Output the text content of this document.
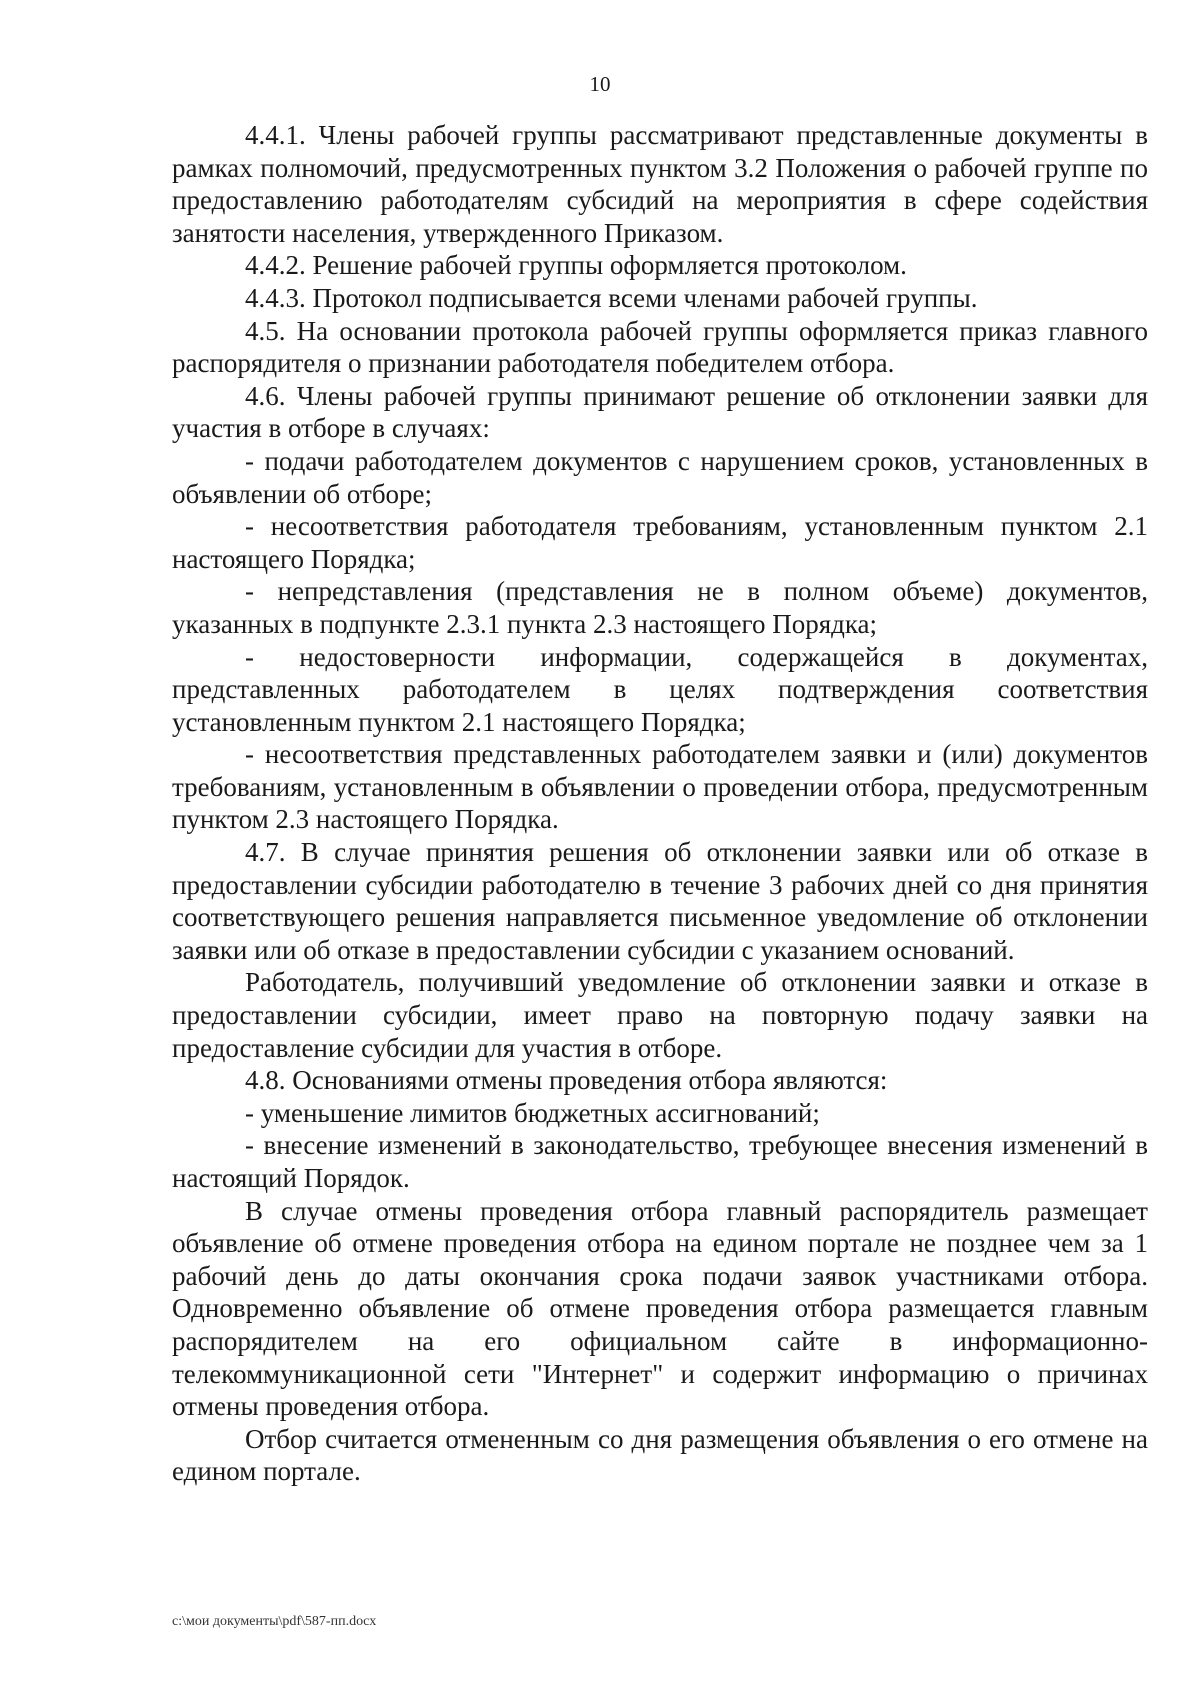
10

4.4.1. Члены рабочей группы рассматривают представленные документы в рамках полномочий, предусмотренных пунктом 3.2 Положения о рабочей группе по предоставлению работодателям субсидий на мероприятия в сфере содействия занятости населения, утвержденного Приказом.

4.4.2. Решение рабочей группы оформляется протоколом.

4.4.3. Протокол подписывается всеми членами рабочей группы.

4.5. На основании протокола рабочей группы оформляется приказ главного распорядителя о признании работодателя победителем отбора.

4.6. Члены рабочей группы принимают решение об отклонении заявки для участия в отборе в случаях:

- подачи работодателем документов с нарушением сроков, установленных в объявлении об отборе;

- несоответствия работодателя требованиям, установленным пунктом 2.1 настоящего Порядка;

- непредставления (представления не в полном объеме) документов, указанных в подпункте 2.3.1 пункта 2.3 настоящего Порядка;

- недостоверности информации, содержащейся в документах, представленных работодателем в целях подтверждения соответствия установленным пунктом 2.1 настоящего Порядка;

- несоответствия представленных работодателем заявки и (или) документов требованиям, установленным в объявлении о проведении отбора, предусмотренным пунктом 2.3 настоящего Порядка.

4.7. В случае принятия решения об отклонении заявки или об отказе в предоставлении субсидии работодателю в течение 3 рабочих дней со дня принятия соответствующего решения направляется письменное уведомление об отклонении заявки или об отказе в предоставлении субсидии с указанием оснований.

Работодатель, получивший уведомление об отклонении заявки и отказе в предоставлении субсидии, имеет право на повторную подачу заявки на предоставление субсидии для участия в отборе.

4.8. Основаниями отмены проведения отбора являются:

- уменьшение лимитов бюджетных ассигнований;

- внесение изменений в законодательство, требующее внесения изменений в настоящий Порядок.

В случае отмены проведения отбора главный распорядитель размещает объявление об отмене проведения отбора на едином портале не позднее чем за 1 рабочий день до даты окончания срока подачи заявок участниками отбора. Одновременно объявление об отмене проведения отбора размещается главным распорядителем на его официальном сайте в информационно-телекоммуникационной сети "Интернет" и содержит информацию о причинах отмены проведения отбора.

Отбор считается отмененным со дня размещения объявления о его отмене на едином портале.

c:\мои документы\pdf\587-пп.docx
